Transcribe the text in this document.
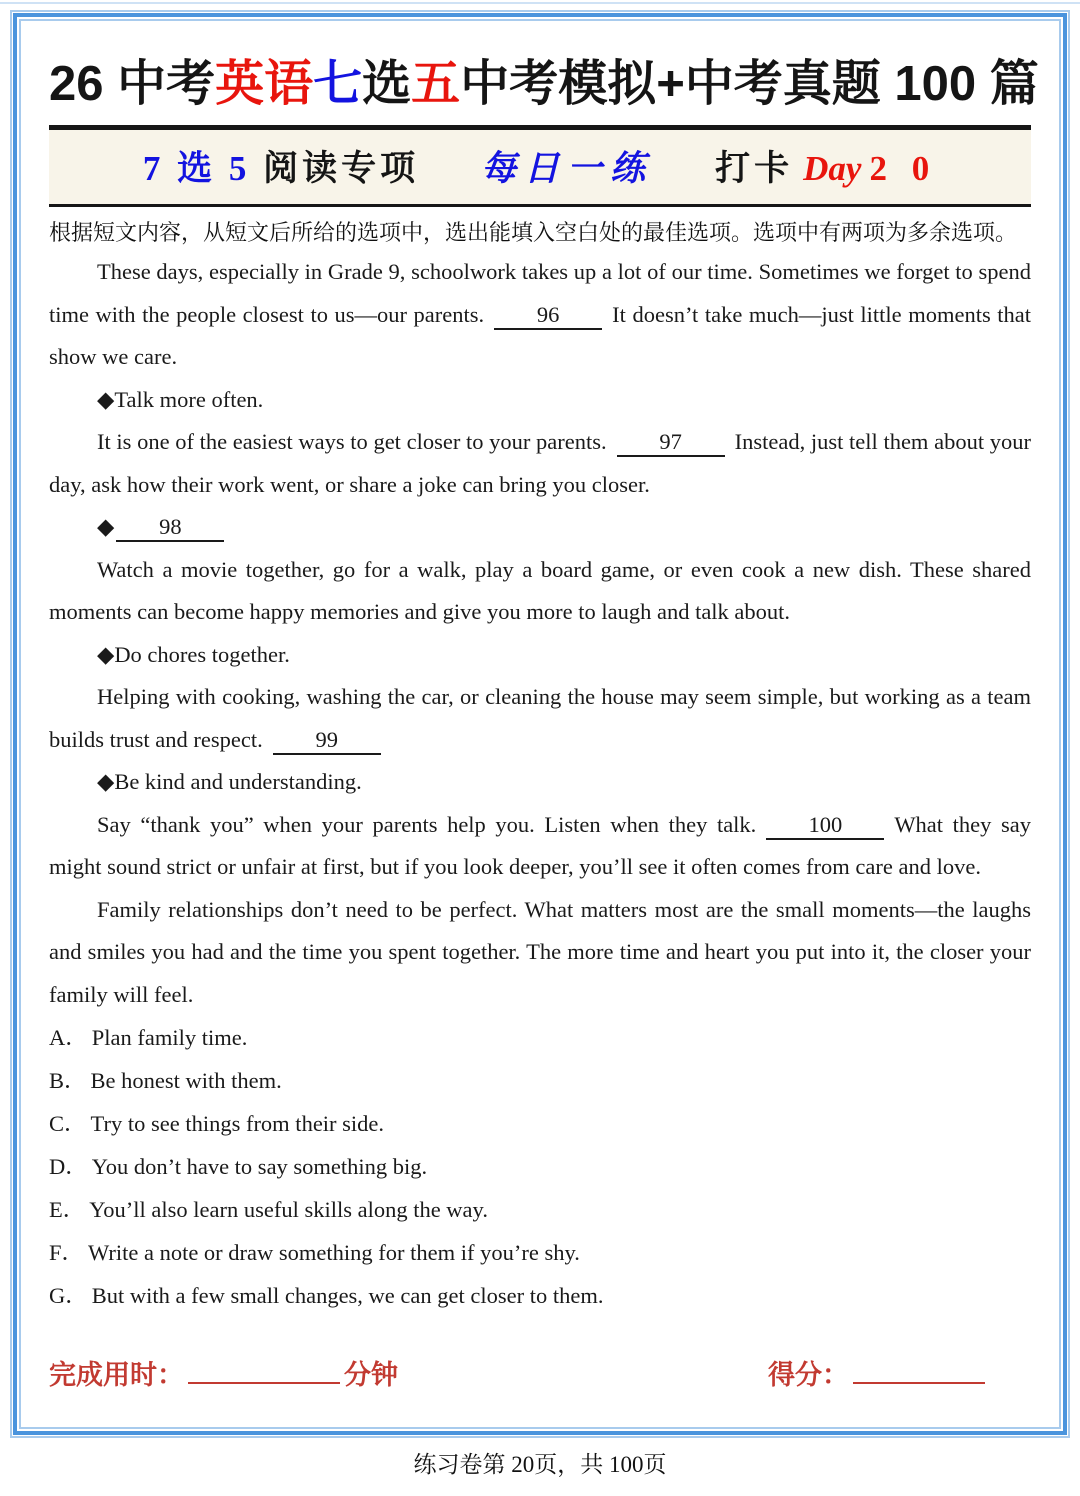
26 中考英语七选五中考模拟+中考真题 100 篇
7 选 5 阅读专项 每日一练 打卡 Day 2 0
根据短文内容，从短文后所给的选项中，选出能填入空白处的最佳选项。选项中有两项为多余选项。

These days, especially in Grade 9, schoolwork takes up a lot of our time. Sometimes we forget to spend time with the people closest to us—our parents. 96 It doesn’t take much—just little moments that show we care.

◆Talk more often.

It is one of the easiest ways to get closer to your parents. 97 Instead, just tell them about your day, ask how their work went, or share a joke can bring you closer.

◆ 98

Watch a movie together, go for a walk, play a board game, or even cook a new dish. These shared moments can become happy memories and give you more to laugh and talk about.

◆Do chores together.

Helping with cooking, washing the car, or cleaning the house may seem simple, but working as a team builds trust and respect. 99

◆Be kind and understanding.

Say “thank you” when your parents help you. Listen when they talk. 100 What they say might sound strict or unfair at first, but if you look deeper, you’ll see it often comes from care and love.

Family relationships don’t need to be perfect. What matters most are the small moments—the laughs and smiles you had and the time you spent together. The more time and heart you put into it, the closer your family will feel.

A． Plan family time.
B． Be honest with them.
C． Try to see things from their side.
D． You don’t have to say something big.
E． You’ll also learn useful skills along the way.
F． Write a note or draw something for them if you’re shy.
G． But with a few small changes, we can get closer to them.
完成用时：	分钟	得分：
练习卷第 20页，共 100页
